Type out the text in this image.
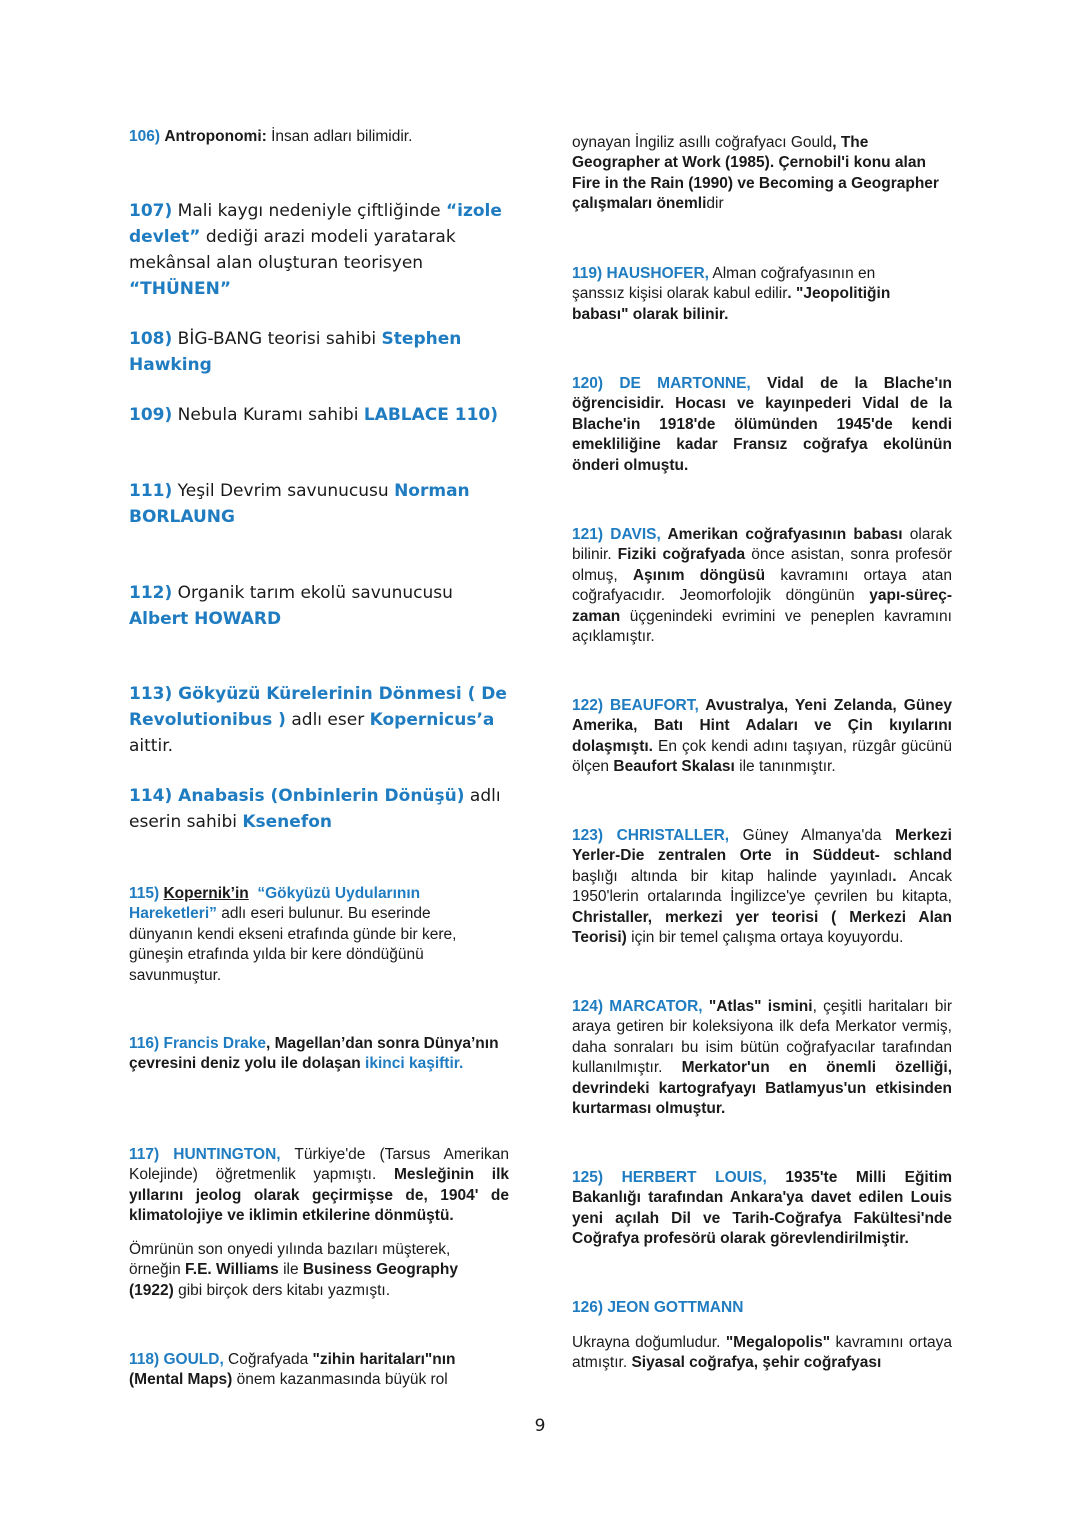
106) Antroponomi: İnsan adları bilimidir.
107) Mali kaygı nedeniyle çiftliğinde “izole devlet” dediği arazi modeli yaratarak mekânsal alan oluşturan teorisyen “THÜNEN”
108) BİG-BANG teorisi sahibi Stephen Hawking
109) Nebula Kuramı sahibi LABLACE 110)
111) Yeşil Devrim savunucusu Norman BORLAUNG
112) Organik tarım ekolü savunucusu Albert HOWARD
113) Gökyüzü Kürelerinin Dönmesi ( De Revolutionibus ) adlı eser Kopernicus’a aittir.
114) Anabasis (Onbinlerin Dönüşü) adlı eserin sahibi Ksenefon
115) Kopernik’in “Gökyüzü Uydularının Hareketleri” adlı eseri bulunur. Bu eserinde dünyanın kendi ekseni etrafında günde bir kere, güneşin etrafında yılda bir kere döndüğünü savunmuştur.
116) Francis Drake, Magellan’dan sonra Dünya’nın çevresini deniz yolu ile dolaşan ikinci kaşiftir.
117) HUNTINGTON, Türkiye'de (Tarsus Amerikan Kolejinde) öğretmenlik yapmıştı. Mesleğinin ilk yıllarını jeolog olarak geçirmişse de, 1904' de klimatolojiye ve iklimin etkilerine dönmüştü.
Ömrünün son onyedi yılında bazıları müşterek, örneğin F.E. Williams ile Business Geography (1922) gibi birçok ders kitabı yazmıştı.
118) GOULD, Coğrafyada "zihin haritaları"nın (Mental Maps) önem kazanmasında büyük rol
oynayan İngiliz asıllı coğrafyacı Gould, The Geographer at Work (1985). Çernobil'i konu alan Fire in the Rain (1990) ve Becoming a Geographer çalışmaları önemlidir
119) HAUSHOFER, Alman coğrafyasının en şanssız kişisi olarak kabul edilir. "Jeopolitiğin babası" olarak bilinir.
120) DE MARTONNE, Vidal de la Blache'ın öğrencisidir. Hocası ve kayınpederi Vidal de la Blache'in 1918'de ölümünden 1945'de kendi emekliliğine kadar Fransız coğrafya ekolünün önderi olmuştu.
121) DAVIS, Amerikan coğrafyasının babası olarak bilinir. Fiziki coğrafyada önce asistan, sonra profesör olmuş, Aşınım döngüsü kavramını ortaya atan coğrafyacıdır. Jeomorfolojik döngünün yapı-süreç-zaman üçgenindeki evrimini ve peneplen kavramını açıklamıştır.
122) BEAUFORT, Avustralya, Yeni Zelanda, Güney Amerika, Batı Hint Adaları ve Çin kıyılarını dolaşmıştı. En çok kendi adını taşıyan, rüzgâr gücünü ölçen Beaufort Skalası ile tanınmıştır.
123) CHRISTALLER, Güney Almanya'da Merkezi Yerler-Die zentralen Orte in Süddeut- schland başlığı altında bir kitap halinde yayınladı. Ancak 1950'lerin ortalarında İngilizce'ye çevrilen bu kitapta, Christaller, merkezi yer teorisi ( Merkezi Alan Teorisi) için bir temel çalışma ortaya koyuyordu.
124) MARCATOR, "Atlas" ismini, çeşitli haritaları bir araya getiren bir koleksiyona ilk defa Merkator vermiş, daha sonraları bu isim bütün coğrafyacılar tarafından kullanılmıştır. Merkator'un en önemli özelliği, devrindeki kartografyayı Batlamyus'un etkisinden kurtarması olmuştur.
125) HERBERT LOUIS, 1935'te Milli Eğitim Bakanlığı tarafından Ankara'ya davet edilen Louis yeni açılah Dil ve Tarih-Coğrafya Fakültesi'nde Coğrafya profesörü olarak görevlendirilmiştir.
126) JEON GOTTMANN
Ukrayna doğumludur. "Megalopolis" kavramını ortaya atmıştır. Siyasal coğrafya, şehir coğrafyası
9
